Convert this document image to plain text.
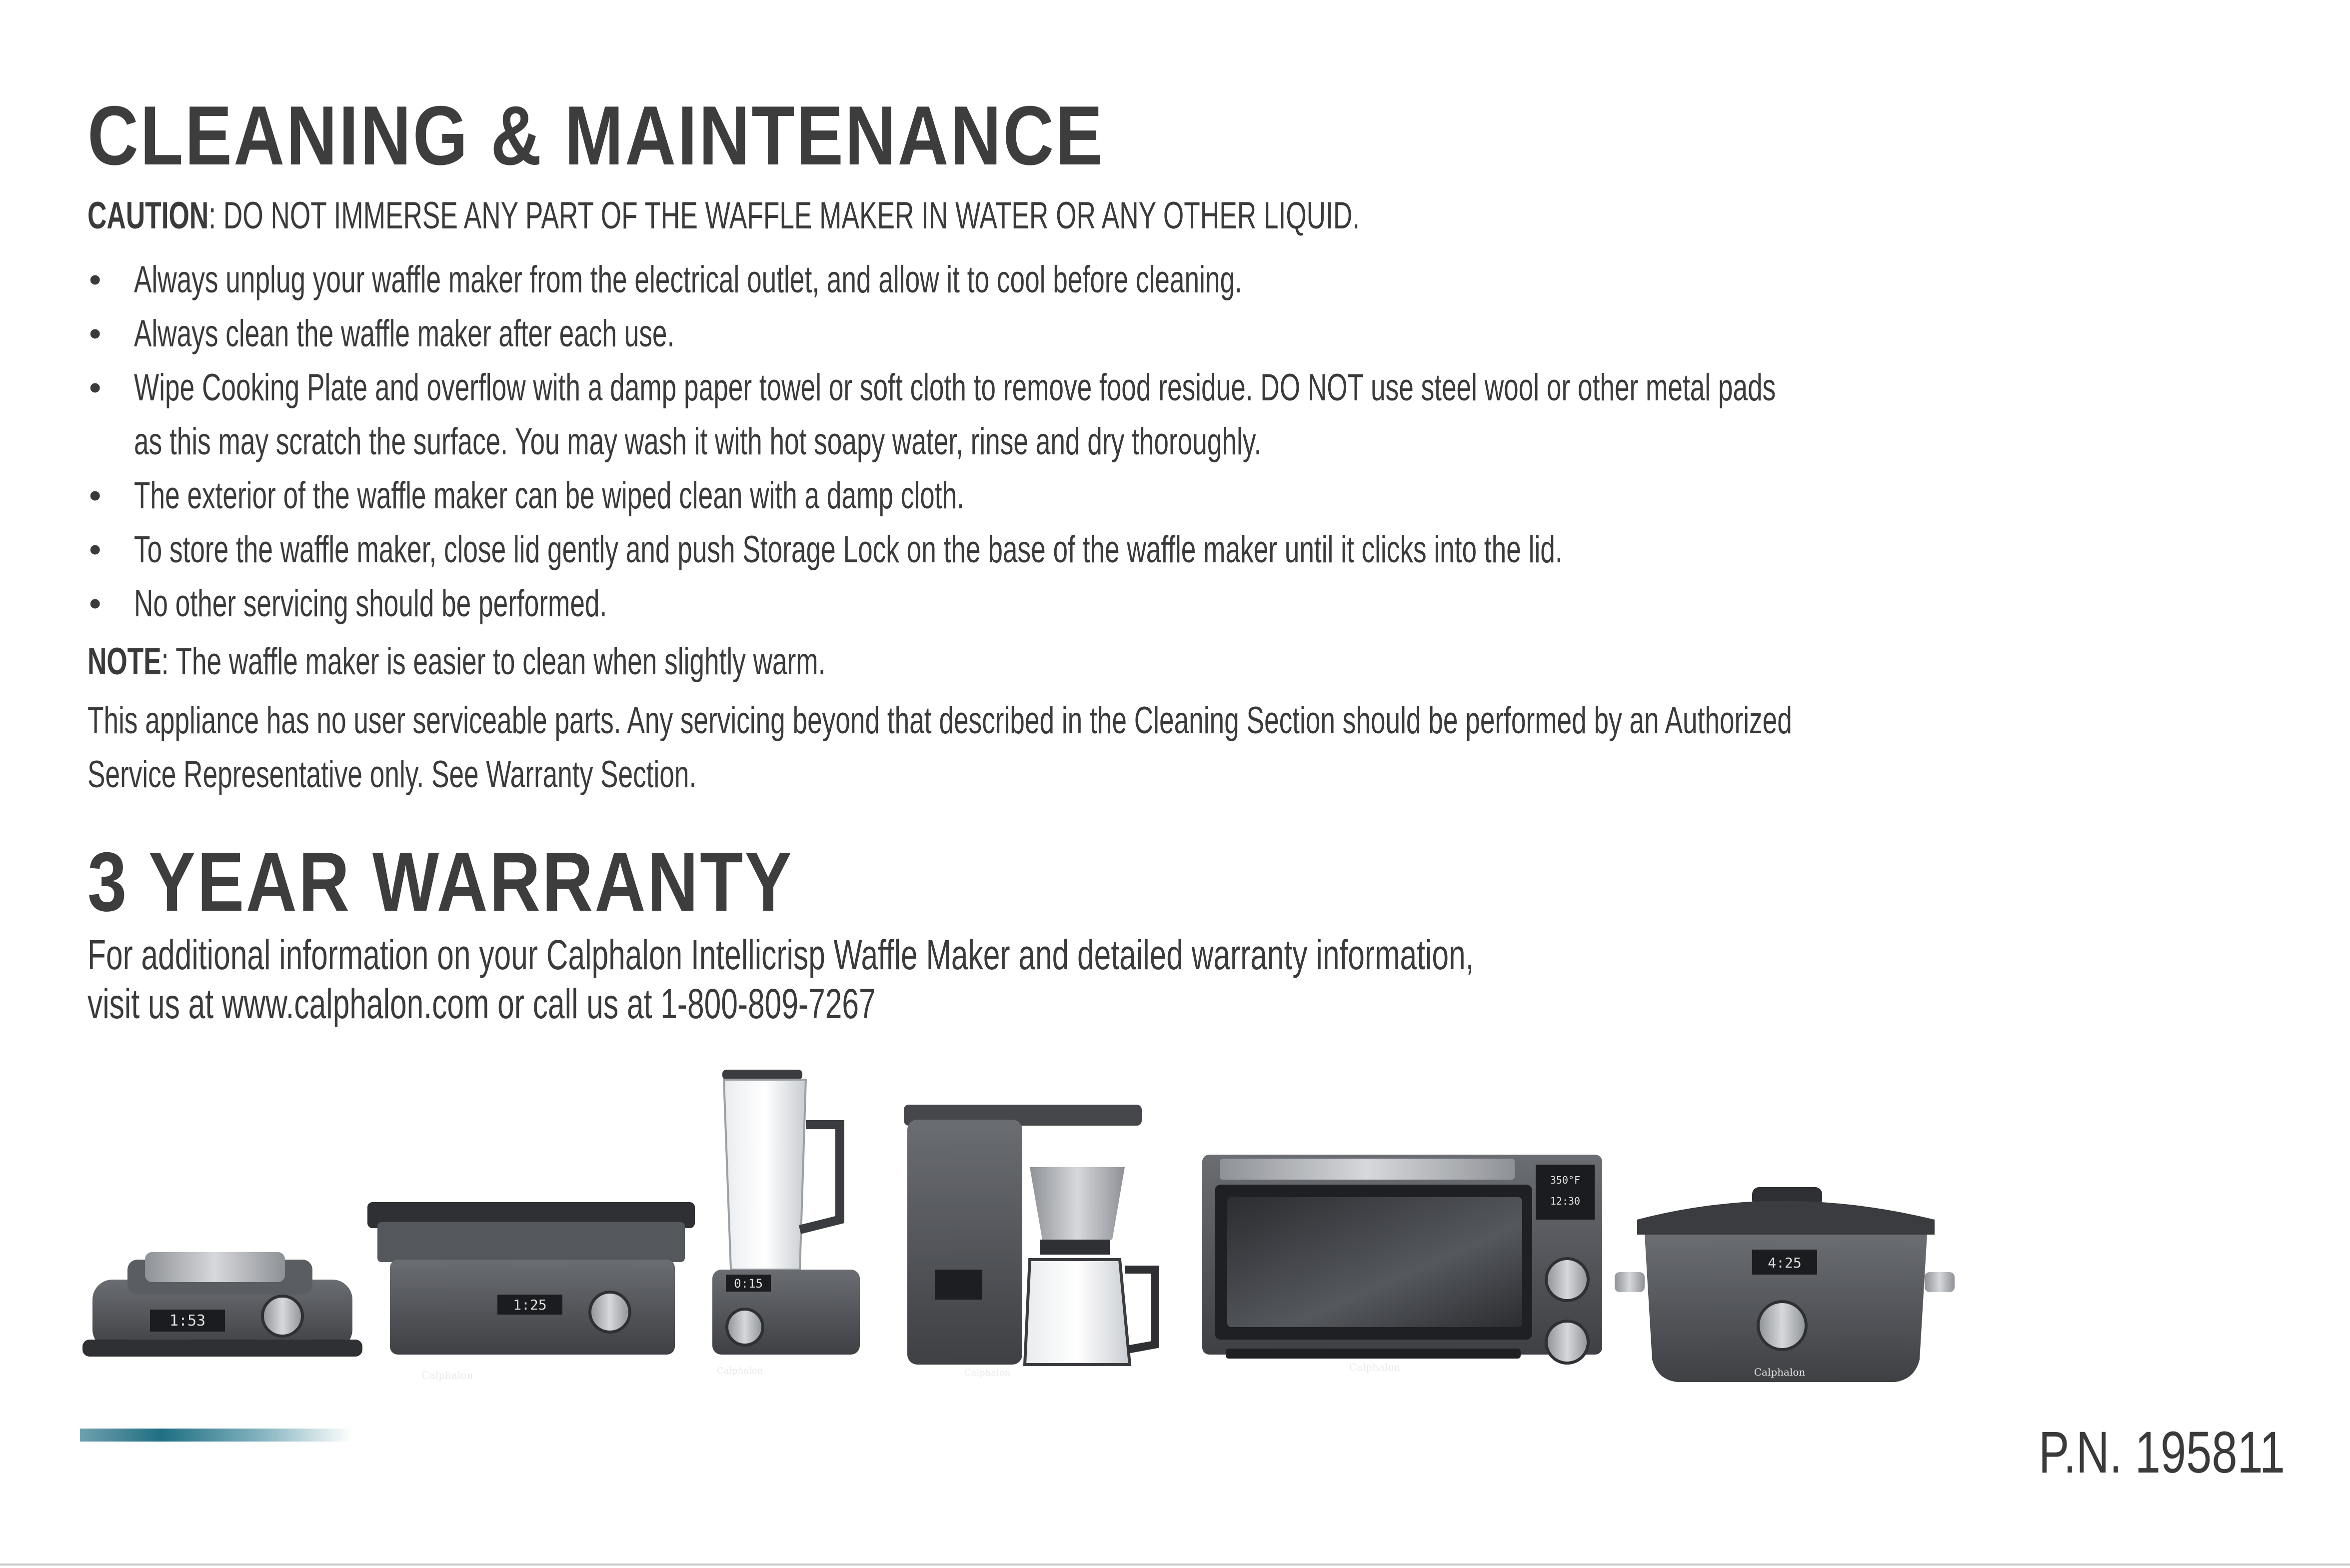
CLEANING & MAINTENANCE

CAUTION: DO NOT IMMERSE ANY PART OF THE WAFFLE MAKER IN WATER OR ANY OTHER LIQUID.

• Always unplug your waffle maker from the electrical outlet, and allow it to cool before cleaning.

• Always clean the waffle maker after each use.

• Wipe Cooking Plate and overflow with a damp paper towel or soft cloth to remove food residue. DO NOT use steel wool or other metal pads

as this may scratch the surface. You may wash it with hot soapy water, rinse and dry thoroughly.

• The exterior of the waffle maker can be wiped clean with a damp cloth.

• To store the waffle maker, close lid gently and push Storage Lock on the base of the waffle maker until it clicks into the lid.

• No other servicing should be performed.

NOTE: The waffle maker is easier to clean when slightly warm.

This appliance has no user serviceable parts. Any servicing beyond that described in the Cleaning Section should be performed by an Authorized

Service Representative only. See Warranty Section.

3 YEAR WARRANTY

For additional information on your Calphalon Intellicrisp Waffle Maker and detailed warranty information,

visit us at www.calphalon.com or call us at 1-800-809-7267

1:53
1:25
Calphalon
0:15
Calphalon	Calphalon
350°F
12:30
Calphalon
4:25
Calphalon

P.N. 195811
